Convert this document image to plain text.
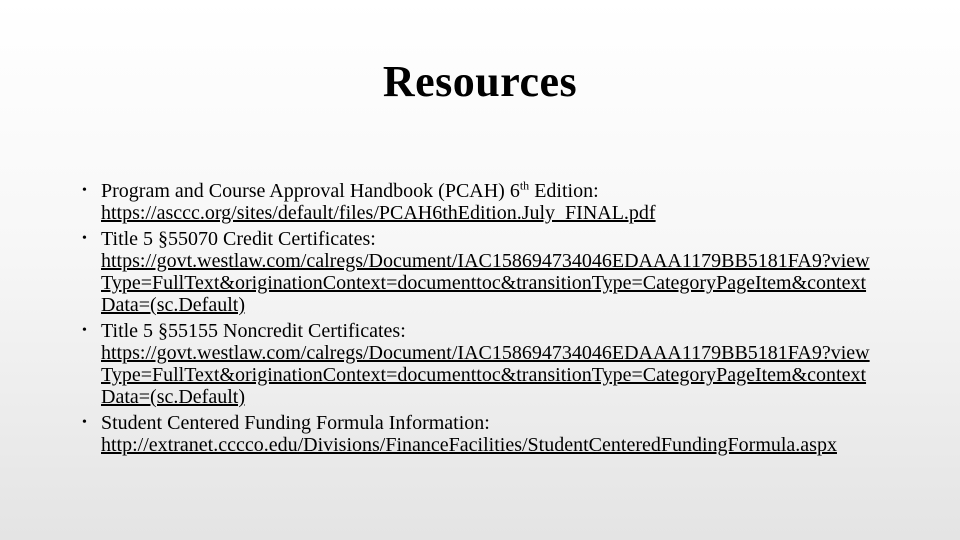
Resources
• Program and Course Approval Handbook (PCAH) 6th Edition:
https://asccc.org/sites/default/files/PCAH6thEdition.July_FINAL.pdf
• Title 5 §55070 Credit Certificates:
https://govt.westlaw.com/calregs/Document/IAC158694734046EDAAA1179BB5181FA9?viewType=FullText&originationContext=documenttoc&transitionType=CategoryPageItem&contextData=(sc.Default)
• Title 5 §55155 Noncredit Certificates:
https://govt.westlaw.com/calregs/Document/IAC158694734046EDAAA1179BB5181FA9?viewType=FullText&originationContext=documenttoc&transitionType=CategoryPageItem&contextData=(sc.Default)
• Student Centered Funding Formula Information:
http://extranet.cccco.edu/Divisions/FinanceFacilities/StudentCenteredFundingFormula.aspx
